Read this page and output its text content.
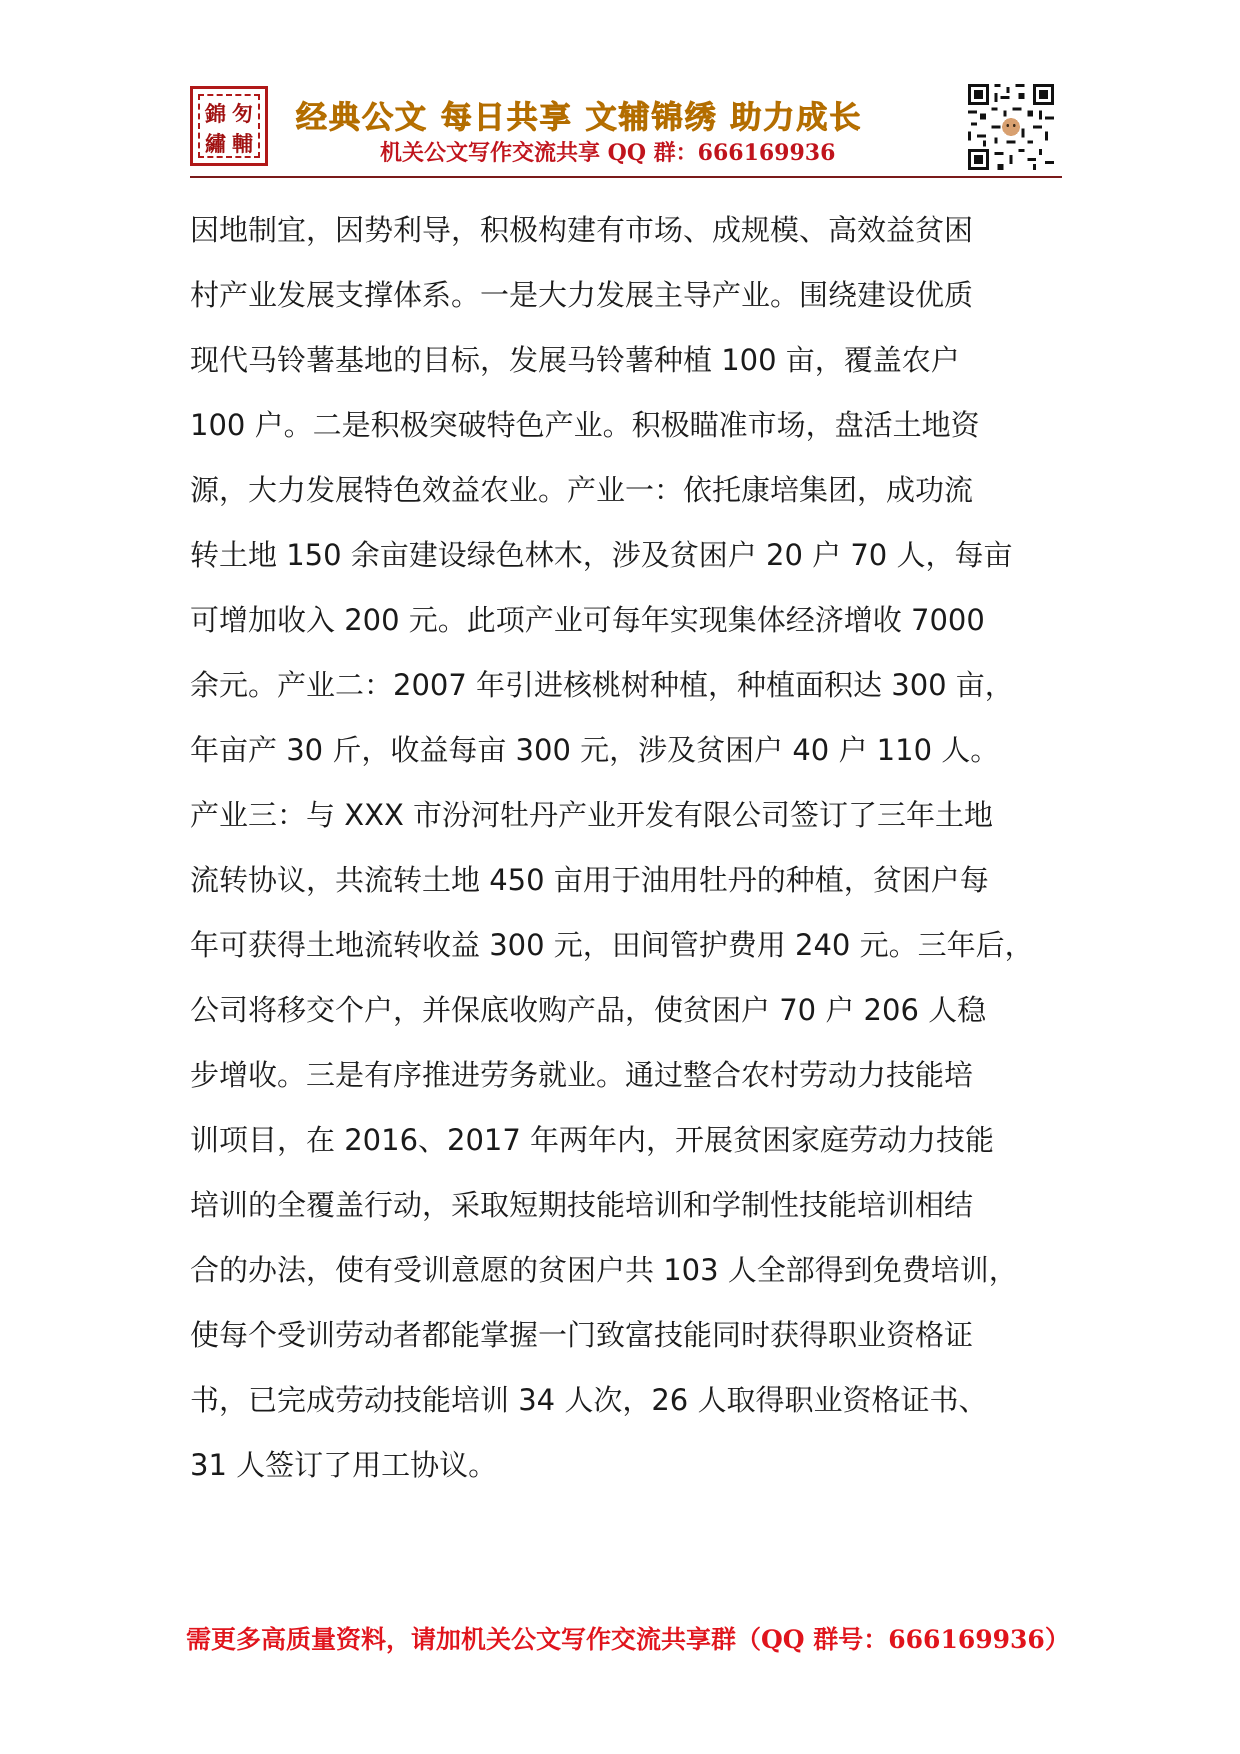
錦 匇
繡 輔
经典公文 每日共享 文辅锦绣 助力成长
机关公文写作交流共享 QQ 群：666169936
因地制宜，因势利导，积极构建有市场、成规模、高效益贫困
村产业发展支撑体系。一是大力发展主导产业。围绕建设优质
现代马铃薯基地的目标，发展马铃薯种植 100 亩，覆盖农户
100 户。二是积极突破特色产业。积极瞄准市场，盘活土地资
源，大力发展特色效益农业。产业一：依托康培集团，成功流
转土地 150 余亩建设绿色林木，涉及贫困户 20 户 70 人，每亩
可增加收入 200 元。此项产业可每年实现集体经济增收 7000
余元。产业二：2007 年引进核桃树种植，种植面积达 300 亩，
年亩产 30 斤，收益每亩 300 元，涉及贫困户 40 户 110 人。
产业三：与 XXX 市汾河牡丹产业开发有限公司签订了三年土地
流转协议，共流转土地 450 亩用于油用牡丹的种植，贫困户每
年可获得土地流转收益 300 元，田间管护费用 240 元。三年后，
公司将移交个户，并保底收购产品，使贫困户 70 户 206 人稳
步增收。三是有序推进劳务就业。通过整合农村劳动力技能培
训项目，在 2016、2017 年两年内，开展贫困家庭劳动力技能
培训的全覆盖行动，采取短期技能培训和学制性技能培训相结
合的办法，使有受训意愿的贫困户共 103 人全部得到免费培训，
使每个受训劳动者都能掌握一门致富技能同时获得职业资格证
书，已完成劳动技能培训 34 人次，26 人取得职业资格证书、
31 人签订了用工协议。
需更多高质量资料，请加机关公文写作交流共享群（QQ 群号：666169936）
